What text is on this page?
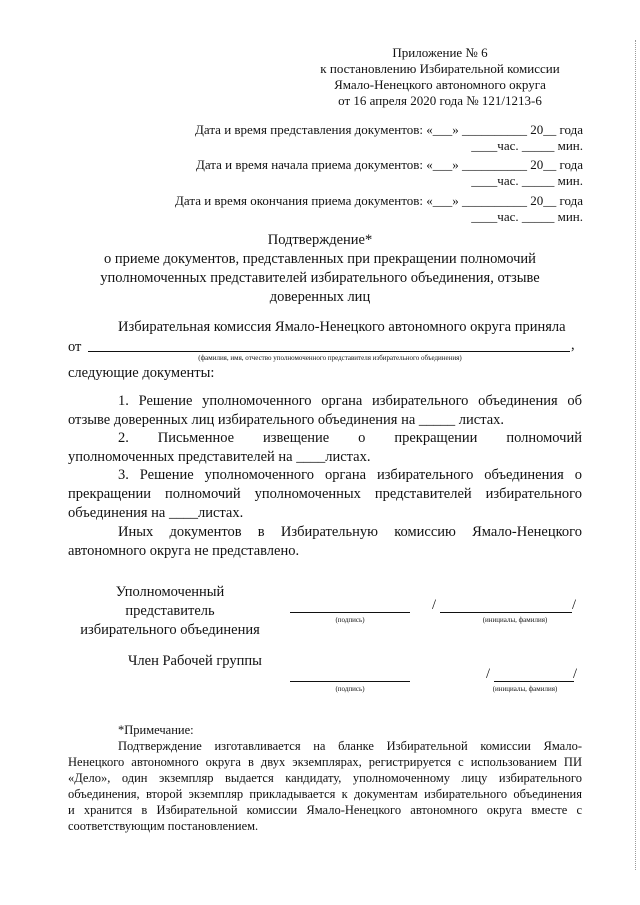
Приложение № 6
к постановлению Избирательной комиссии
Ямало-Ненецкого автономного округа
от 16 апреля 2020 года № 121/1213-6
Дата и время представления документов: «___» __________ 20__ года
____час. _____ мин.
Дата и время начала приема документов: «___» __________ 20__ года
____час. _____ мин.
Дата и время окончания приема документов: «___» __________ 20__ года
____час. _____ мин.
Подтверждение*
о приеме документов, представленных при прекращении полномочий
уполномоченных представителей избирательного объединения, отзыве
доверенных лиц
Избирательная комиссия Ямало-Ненецкого автономного округа приняла
от	,
(фамилия, имя, отчество уполномоченного представителя избирательного объединения)
следующие документы:
1. Решение уполномоченного органа избирательного объединения об
отзыве доверенных лиц избирательного объединения на _____ листах.
2. Письменное извещение о прекращении полномочий
уполномоченных представителей на ____листах.
3. Решение уполномоченного органа избирательного объединения о
прекращении полномочий уполномоченных представителей избирательного
объединения на ____листах.
Иных документов в Избирательную комиссию Ямало-Ненецкого
автономного округа не представлено.
Уполномоченный
представитель
избирательного объединения
(подпись)
/	/
(инициалы, фамилия)
Член Рабочей группы
(подпись)
/	/
(инициалы, фамилия)
*Примечание:
Подтверждение изготавливается на бланке Избирательной комиссии Ямало-
Ненецкого автономного округа в двух экземплярах, регистрируется с использованием ПИ
«Дело», один экземпляр выдается кандидату, уполномоченному лицу избирательного
объединения, второй экземпляр прикладывается к документам избирательного объединения
и хранится в Избирательной комиссии Ямало-Ненецкого автономного округа вместе с
соответствующим постановлением.
